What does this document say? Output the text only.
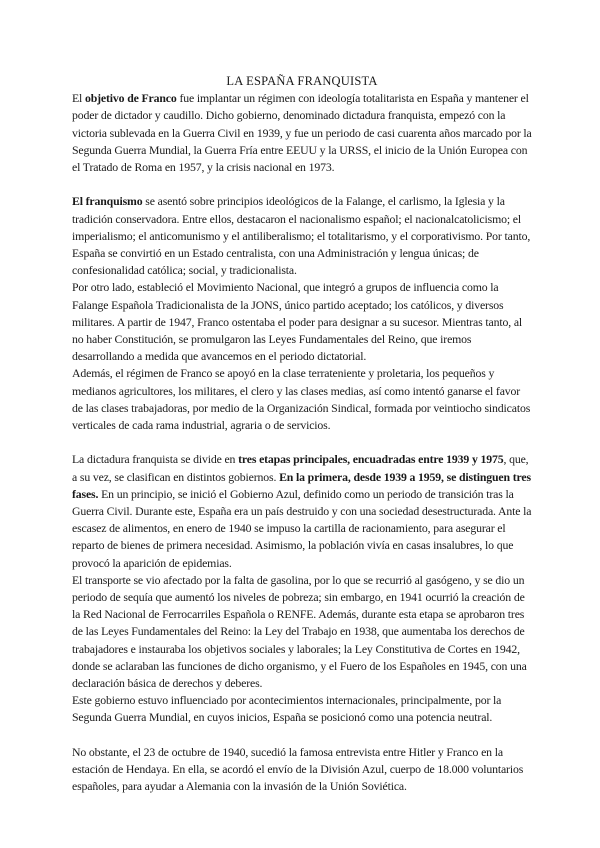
LA ESPAÑA FRANQUISTA

El objetivo de Franco fue implantar un régimen con ideología totalitarista en España y mantener el poder de dictador y caudillo. Dicho gobierno, denominado dictadura franquista, empezó con la victoria sublevada en la Guerra Civil en 1939, y fue un periodo de casi cuarenta años marcado por la Segunda Guerra Mundial, la Guerra Fría entre EEUU y la URSS, el inicio de la Unión Europea con el Tratado de Roma en 1957, y la crisis nacional en 1973.

El franquismo se asentó sobre principios ideológicos de la Falange, el carlismo, la Iglesia y la tradición conservadora. Entre ellos, destacaron el nacionalismo español; el nacionalcatolicismo; el imperialismo; el anticomunismo y el antiliberalismo; el totalitarismo, y el corporativismo. Por tanto, España se convirtió en un Estado centralista, con una Administración y lengua únicas; de confesionalidad católica; social, y tradicionalista.

Por otro lado, estableció el Movimiento Nacional, que integró a grupos de influencia como la Falange Española Tradicionalista de la JONS, único partido aceptado; los católicos, y diversos militares. A partir de 1947, Franco ostentaba el poder para designar a su sucesor. Mientras tanto, al no haber Constitución, se promulgaron las Leyes Fundamentales del Reino, que iremos desarrollando a medida que avancemos en el periodo dictatorial.

Además, el régimen de Franco se apoyó en la clase terrateniente y proletaria, los pequeños y medianos agricultores, los militares, el clero y las clases medias, así como intentó ganarse el favor de las clases trabajadoras, por medio de la Organización Sindical, formada por veintiocho sindicatos verticales de cada rama industrial, agraria o de servicios.

La dictadura franquista se divide en tres etapas principales, encuadradas entre 1939 y 1975, que, a su vez, se clasifican en distintos gobiernos. En la primera, desde 1939 a 1959, se distinguen tres fases. En un principio, se inició el Gobierno Azul, definido como un periodo de transición tras la Guerra Civil. Durante este, España era un país destruido y con una sociedad desestructurada. Ante la escasez de alimentos, en enero de 1940 se impuso la cartilla de racionamiento, para asegurar el reparto de bienes de primera necesidad. Asimismo, la población vivía en casas insalubres, lo que provocó la aparición de epidemias.

El transporte se vio afectado por la falta de gasolina, por lo que se recurrió al gasógeno, y se dio un periodo de sequía que aumentó los niveles de pobreza; sin embargo, en 1941 ocurrió la creación de la Red Nacional de Ferrocarriles Española o RENFE. Además, durante esta etapa se aprobaron tres de las Leyes Fundamentales del Reino: la Ley del Trabajo en 1938, que aumentaba los derechos de trabajadores e instauraba los objetivos sociales y laborales; la Ley Constitutiva de Cortes en 1942, donde se aclaraban las funciones de dicho organismo, y el Fuero de los Españoles en 1945, con una declaración básica de derechos y deberes.

Este gobierno estuvo influenciado por acontecimientos internacionales, principalmente, por la Segunda Guerra Mundial, en cuyos inicios, España se posicionó como una potencia neutral.

No obstante, el 23 de octubre de 1940, sucedió la famosa entrevista entre Hitler y Franco en la estación de Hendaya. En ella, se acordó el envío de la División Azul, cuerpo de 18.000 voluntarios españoles, para ayudar a Alemania con la invasión de la Unión Soviética.
